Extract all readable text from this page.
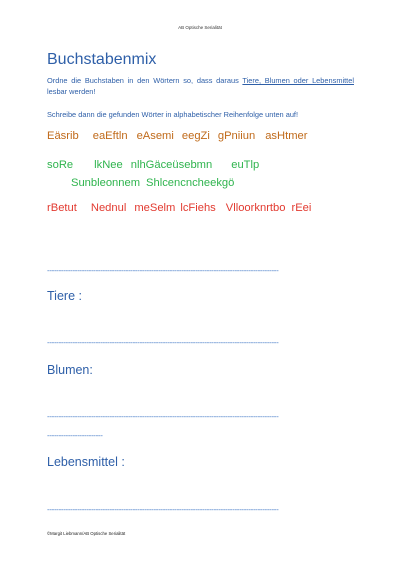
AB Optische Serialität
Buchstabenmix

Ordne die Buchstaben in den Wörtern so, dass daraus Tiere, Blumen oder Lebensmittel lesbar werden!

Schreibe dann die gefunden Wörter in alphabetischer Reihenfolge unten auf!

Eäsrib eaEftln eAsemi eegZi gPniiun asHtmer
soRe lkNee nlhGäceüsebmn euTlp
Sunbleonnem Shlcencncheekgö
rBetut Nednul meSelm lcFiehs Vlloorknrtbo rEei
----------------------------------------------------------------------------------------------------

Tiere :

----------------------------------------------------------------------------------------------------

Blumen:

----------------------------------------------------------------------------------------------------
------------------------

Lebensmittel :

----------------------------------------------------------------------------------------------------
©Margit Liebmann/AB Optische Serialität
